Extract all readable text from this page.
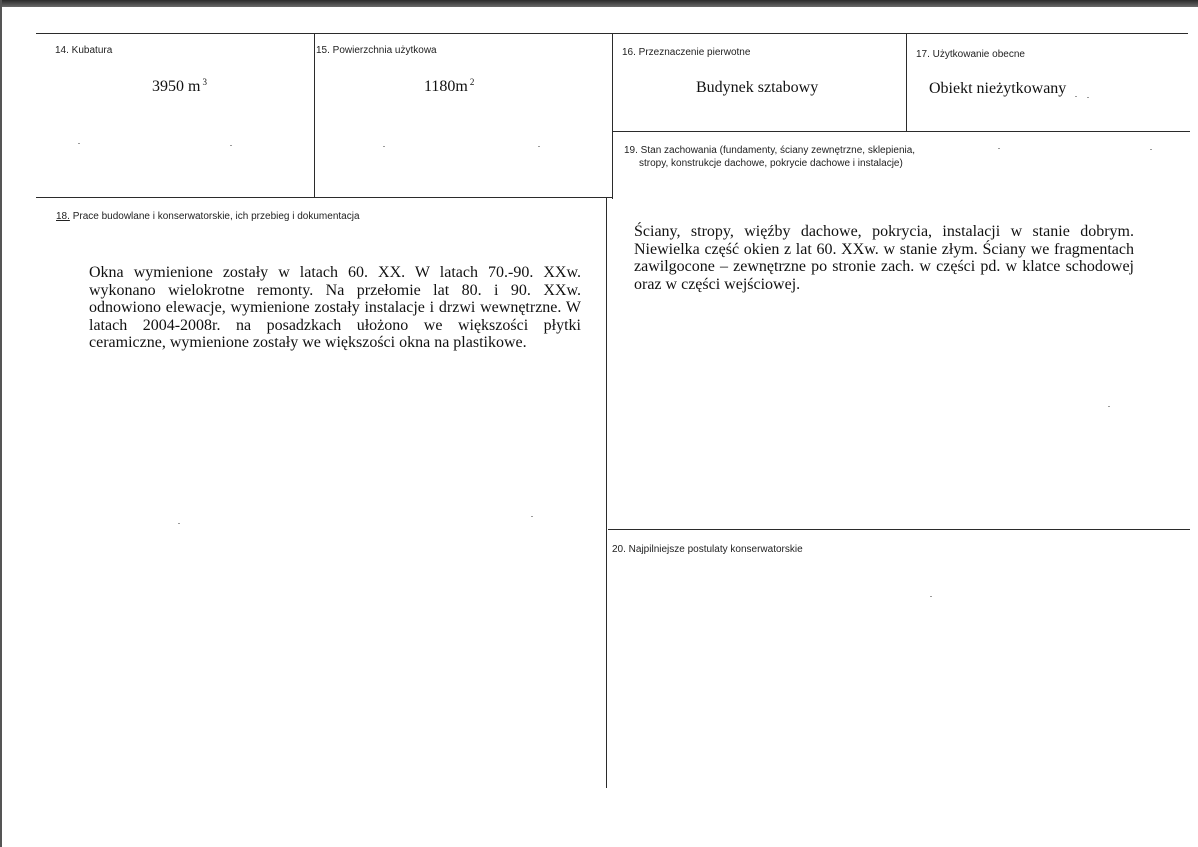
14. Kubatura
3950 m $^3$
15. Powierzchnia użytkowa
1180m $^2$
16. Przeznaczenie pierwotne
Budynek sztabowy
17. Użytkowanie obecne
Obiekt nieżytkowany
19. Stan zachowania (fundamenty, ściany zewnętrzne, sklepienia,
stropy, konstrukcje dachowe, pokrycie dachowe i instalacje)
Ściany, stropy, więźby dachowe, pokrycia, instalacji w stanie dobrym. Niewielka część okien z lat 60. XXw. w stanie złym. Ściany we fragmentach zawilgocone – zewnętrzne po stronie zach. w części pd. w klatce schodowej oraz w części wejściowej.
18. Prace budowlane i konserwatorskie, ich przebieg i dokumentacja
Okna wymienione zostały w latach 60. XX. W latach 70.-90. XXw. wykonano wielokrotne remonty. Na przełomie lat 80. i 90. XXw. odnowiono elewacje, wymienione zostały instalacje i drzwi wewnętrzne. W latach 2004-2008r. na posadzkach ułożono we większości płytki ceramiczne, wymienione zostały we większości okna na plastikowe.
20. Najpilniejsze postulaty konserwatorskie
